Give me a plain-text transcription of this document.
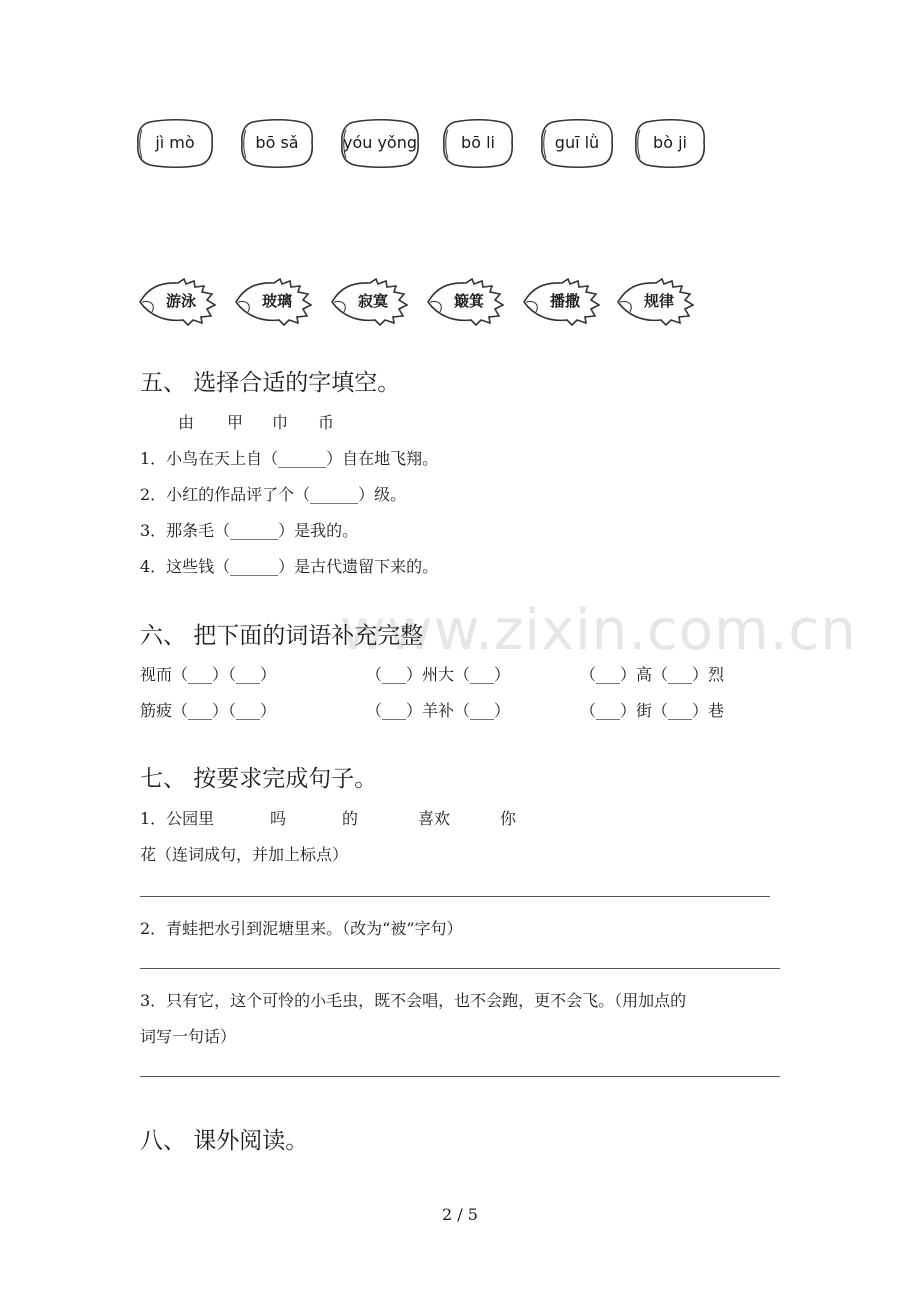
jì mò	bō sǎ	yóu yǒng	bō li	guī lǜ	bò ji
游泳	玻璃	寂寞	簸箕	播撒	规律
www.zixin.com.cn
五、 选择合适的字填空。
由 甲 巾 币
1．小鸟在天上自（______）自在地飞翔。
2．小红的作品评了个（______）级。
3．那条毛（______）是我的。
4．这些钱（______）是古代遗留下来的。
六、 把下面的词语补充完整
视而（___）（___）	（___）州大（___）	（___）高（___）烈
筋疲（___）（___）	（___）羊补（___）	（___）街（___）巷
七、 按要求完成句子。
1．公园里	吗	的	喜欢	你
花（连词成句，并加上标点）
2．青蛙把水引到泥塘里来。（改为“被”字句）
3．只有它，这个可怜的小毛虫，既不会唱，也不会跑，更不会飞。（用加点的
词写一句话）
八、 课外阅读。
2 / 5
